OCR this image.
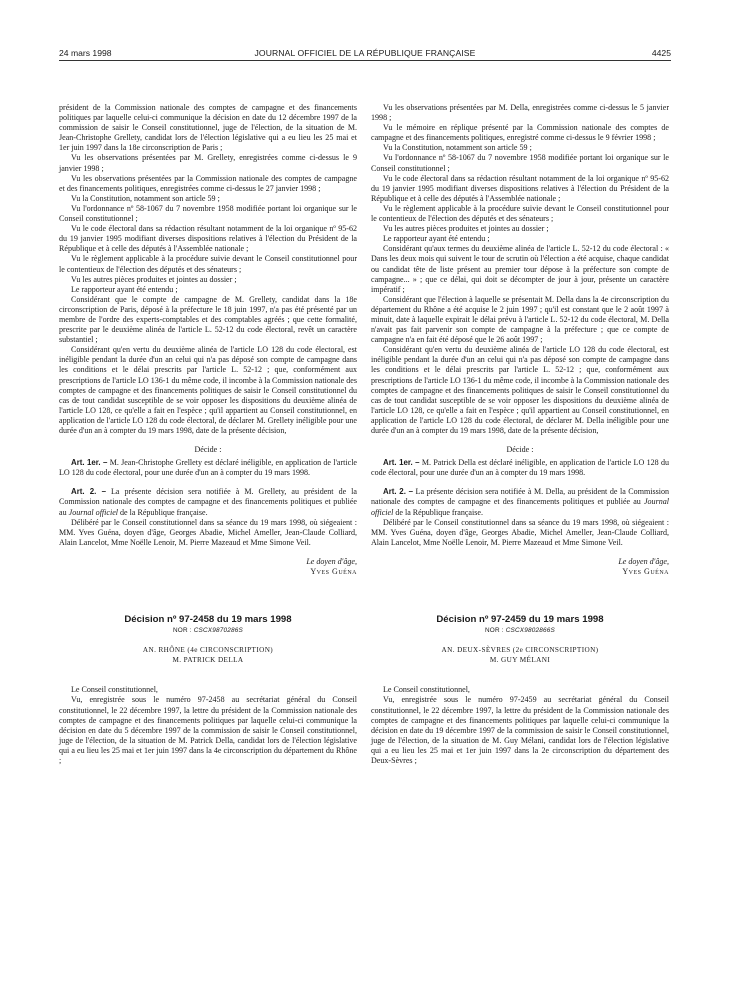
24 mars 1998	JOURNAL OFFICIEL DE LA RÉPUBLIQUE FRANÇAISE	4425

président de la Commission nationale des comptes de campagne et des financements politiques par laquelle celui-ci communique la décision en date du 12 décembre 1997 de la commission de saisir le Conseil constitutionnel, juge de l'élection, de la situation de M. Jean-Christophe Grellety, candidat lors de l'élection législative qui a eu lieu les 25 mai et 1er juin 1997 dans la 18e circonscription de Paris ;

Vu les observations présentées par M. Grellety, enregistrées comme ci-dessus le 9 janvier 1998 ;

Vu les observations présentées par la Commission nationale des comptes de campagne et des financements politiques, enregistrées comme ci-dessus le 27 janvier 1998 ;

Vu la Constitution, notamment son article 59 ;

Vu l'ordonnance nº 58-1067 du 7 novembre 1958 modifiée portant loi organique sur le Conseil constitutionnel ;

Vu le code électoral dans sa rédaction résultant notamment de la loi organique nº 95-62 du 19 janvier 1995 modifiant diverses dispositions relatives à l'élection du Président de la République et à celle des députés à l'Assemblée nationale ;

Vu le règlement applicable à la procédure suivie devant le Conseil constitutionnel pour le contentieux de l'élection des députés et des sénateurs ;

Vu les autres pièces produites et jointes au dossier ;

Le rapporteur ayant été entendu ;

Considérant que le compte de campagne de M. Grellety, candidat dans la 18e circonscription de Paris, déposé à la préfecture le 18 juin 1997, n'a pas été présenté par un membre de l'ordre des experts-comptables et des comptables agréés ; que cette formalité, prescrite par le deuxième alinéa de l'article L. 52-12 du code électoral, revêt un caractère substantiel ;

Considérant qu'en vertu du deuxième alinéa de l'article LO 128 du code électoral, est inéligible pendant la durée d'un an celui qui n'a pas déposé son compte de campagne dans les conditions et le délai prescrits par l'article L. 52-12 ; que, conformément aux prescriptions de l'article LO 136-1 du même code, il incombe à la Commission nationale des comptes de campagne et des financements politiques de saisir le Conseil constitutionnel du cas de tout candidat susceptible de se voir opposer les dispositions du deuxième alinéa de l'article LO 128, ce qu'elle a fait en l'espèce ; qu'il appartient au Conseil constitutionnel, en application de l'article LO 128 du code électoral, de déclarer M. Grellety inéligible pour une durée d'un an à compter du 19 mars 1998, date de la présente décision,

Décide :

Art. 1er. – M. Jean-Christophe Grellety est déclaré inéligible, en application de l'article LO 128 du code électoral, pour une durée d'un an à compter du 19 mars 1998.

Art. 2. – La présente décision sera notifiée à M. Grellety, au président de la Commission nationale des comptes de campagne et des financements politiques et publiée au Journal officiel de la République française.

Délibéré par le Conseil constitutionnel dans sa séance du 19 mars 1998, où siégeaient : MM. Yves Guéna, doyen d'âge, Georges Abadie, Michel Ameller, Jean-Claude Colliard, Alain Lancelot, Mme Noëlle Lenoir, M. Pierre Mazeaud et Mme Simone Veil.

Le doyen d'âge,

Yves Guéna

Décision nº 97-2458 du 19 mars 1998

NOR : CSCX9870286S

AN. RHÔNE (4e CIRCONSCRIPTION)

M. PATRICK DELLA

Le Conseil constitutionnel,

Vu, enregistrée sous le numéro 97-2458 au secrétariat général du Conseil constitutionnel, le 22 décembre 1997, la lettre du président de la Commission nationale des comptes de campagne et des financements politiques par laquelle celui-ci communique la décision en date du 5 décembre 1997 de la commission de saisir le Conseil constitutionnel, juge de l'élection, de la situation de M. Patrick Della, candidat lors de l'élection législative qui a eu lieu les 25 mai et 1er juin 1997 dans la 4e circonscription du département du Rhône ;

Vu les observations présentées par M. Della, enregistrées comme ci-dessus le 5 janvier 1998 ;

Vu le mémoire en réplique présenté par la Commission nationale des comptes de campagne et des financements politiques, enregistré comme ci-dessus le 9 février 1998 ;

Vu la Constitution, notamment son article 59 ;

Vu l'ordonnance nº 58-1067 du 7 novembre 1958 modifiée portant loi organique sur le Conseil constitutionnel ;

Vu le code électoral dans sa rédaction résultant notamment de la loi organique nº 95-62 du 19 janvier 1995 modifiant diverses dispositions relatives à l'élection du Président de la République et à celle des députés à l'Assemblée nationale ;

Vu le règlement applicable à la procédure suivie devant le Conseil constitutionnel pour le contentieux de l'élection des députés et des sénateurs ;

Vu les autres pièces produites et jointes au dossier ;

Le rapporteur ayant été entendu ;

Considérant qu'aux termes du deuxième alinéa de l'article L. 52-12 du code électoral : « Dans les deux mois qui suivent le tour de scrutin où l'élection a été acquise, chaque candidat ou candidat tête de liste présent au premier tour dépose à la préfecture son compte de campagne... » ; que ce délai, qui doit se décompter de jour à jour, présente un caractère impératif ;

Considérant que l'élection à laquelle se présentait M. Della dans la 4e circonscription du département du Rhône a été acquise le 2 juin 1997 ; qu'il est constant que le 2 août 1997 à minuit, date à laquelle expirait le délai prévu à l'article L. 52-12 du code électoral, M. Della n'avait pas fait parvenir son compte de campagne à la préfecture ; que ce compte de campagne n'a en fait été déposé que le 26 août 1997 ;

Considérant qu'en vertu du deuxième alinéa de l'article LO 128 du code électoral, est inéligible pendant la durée d'un an celui qui n'a pas déposé son compte de campagne dans les conditions et le délai prescrits par l'article L. 52-12 ; que, conformément aux prescriptions de l'article LO 136-1 du même code, il incombe à la Commission nationale des comptes de campagne et des financements politiques de saisir le Conseil constitutionnel du cas de tout candidat susceptible de se voir opposer les dispositions du deuxième alinéa de l'article LO 128, ce qu'elle a fait en l'espèce ; qu'il appartient au Conseil constitutionnel, en application de l'article LO 128 du code électoral, de déclarer M. Della inéligible pour une durée d'un an à compter du 19 mars 1998, date de la présente décision,

Décide :

Art. 1er. – M. Patrick Della est déclaré inéligible, en application de l'article LO 128 du code électoral, pour une durée d'un an à compter du 19 mars 1998.

Art. 2. – La présente décision sera notifiée à M. Della, au président de la Commission nationale des comptes de campagne et des financements politiques et publiée au Journal officiel de la République française.

Délibéré par le Conseil constitutionnel dans sa séance du 19 mars 1998, où siégeaient : MM. Yves Guéna, doyen d'âge, Georges Abadie, Michel Ameller, Jean-Claude Colliard, Alain Lancelot, Mme Noëlle Lenoir, M. Pierre Mazeaud et Mme Simone Veil.

Le doyen d'âge,

Yves Guéna

Décision nº 97-2459 du 19 mars 1998

NOR : CSCX9802866S

AN. DEUX-SÈVRES (2e CIRCONSCRIPTION)

M. GUY MÉLANI

Le Conseil constitutionnel,

Vu, enregistrée sous le numéro 97-2459 au secrétariat général du Conseil constitutionnel, le 22 décembre 1997, la lettre du président de la Commission nationale des comptes de campagne et des financements politiques par laquelle celui-ci communique la décision en date du 19 décembre 1997 de la commission de saisir le Conseil constitutionnel, juge de l'élection, de la situation de M. Guy Mélani, candidat lors de l'élection législative qui a eu lieu les 25 mai et 1er juin 1997 dans la 2e circonscription du département des Deux-Sèvres ;
